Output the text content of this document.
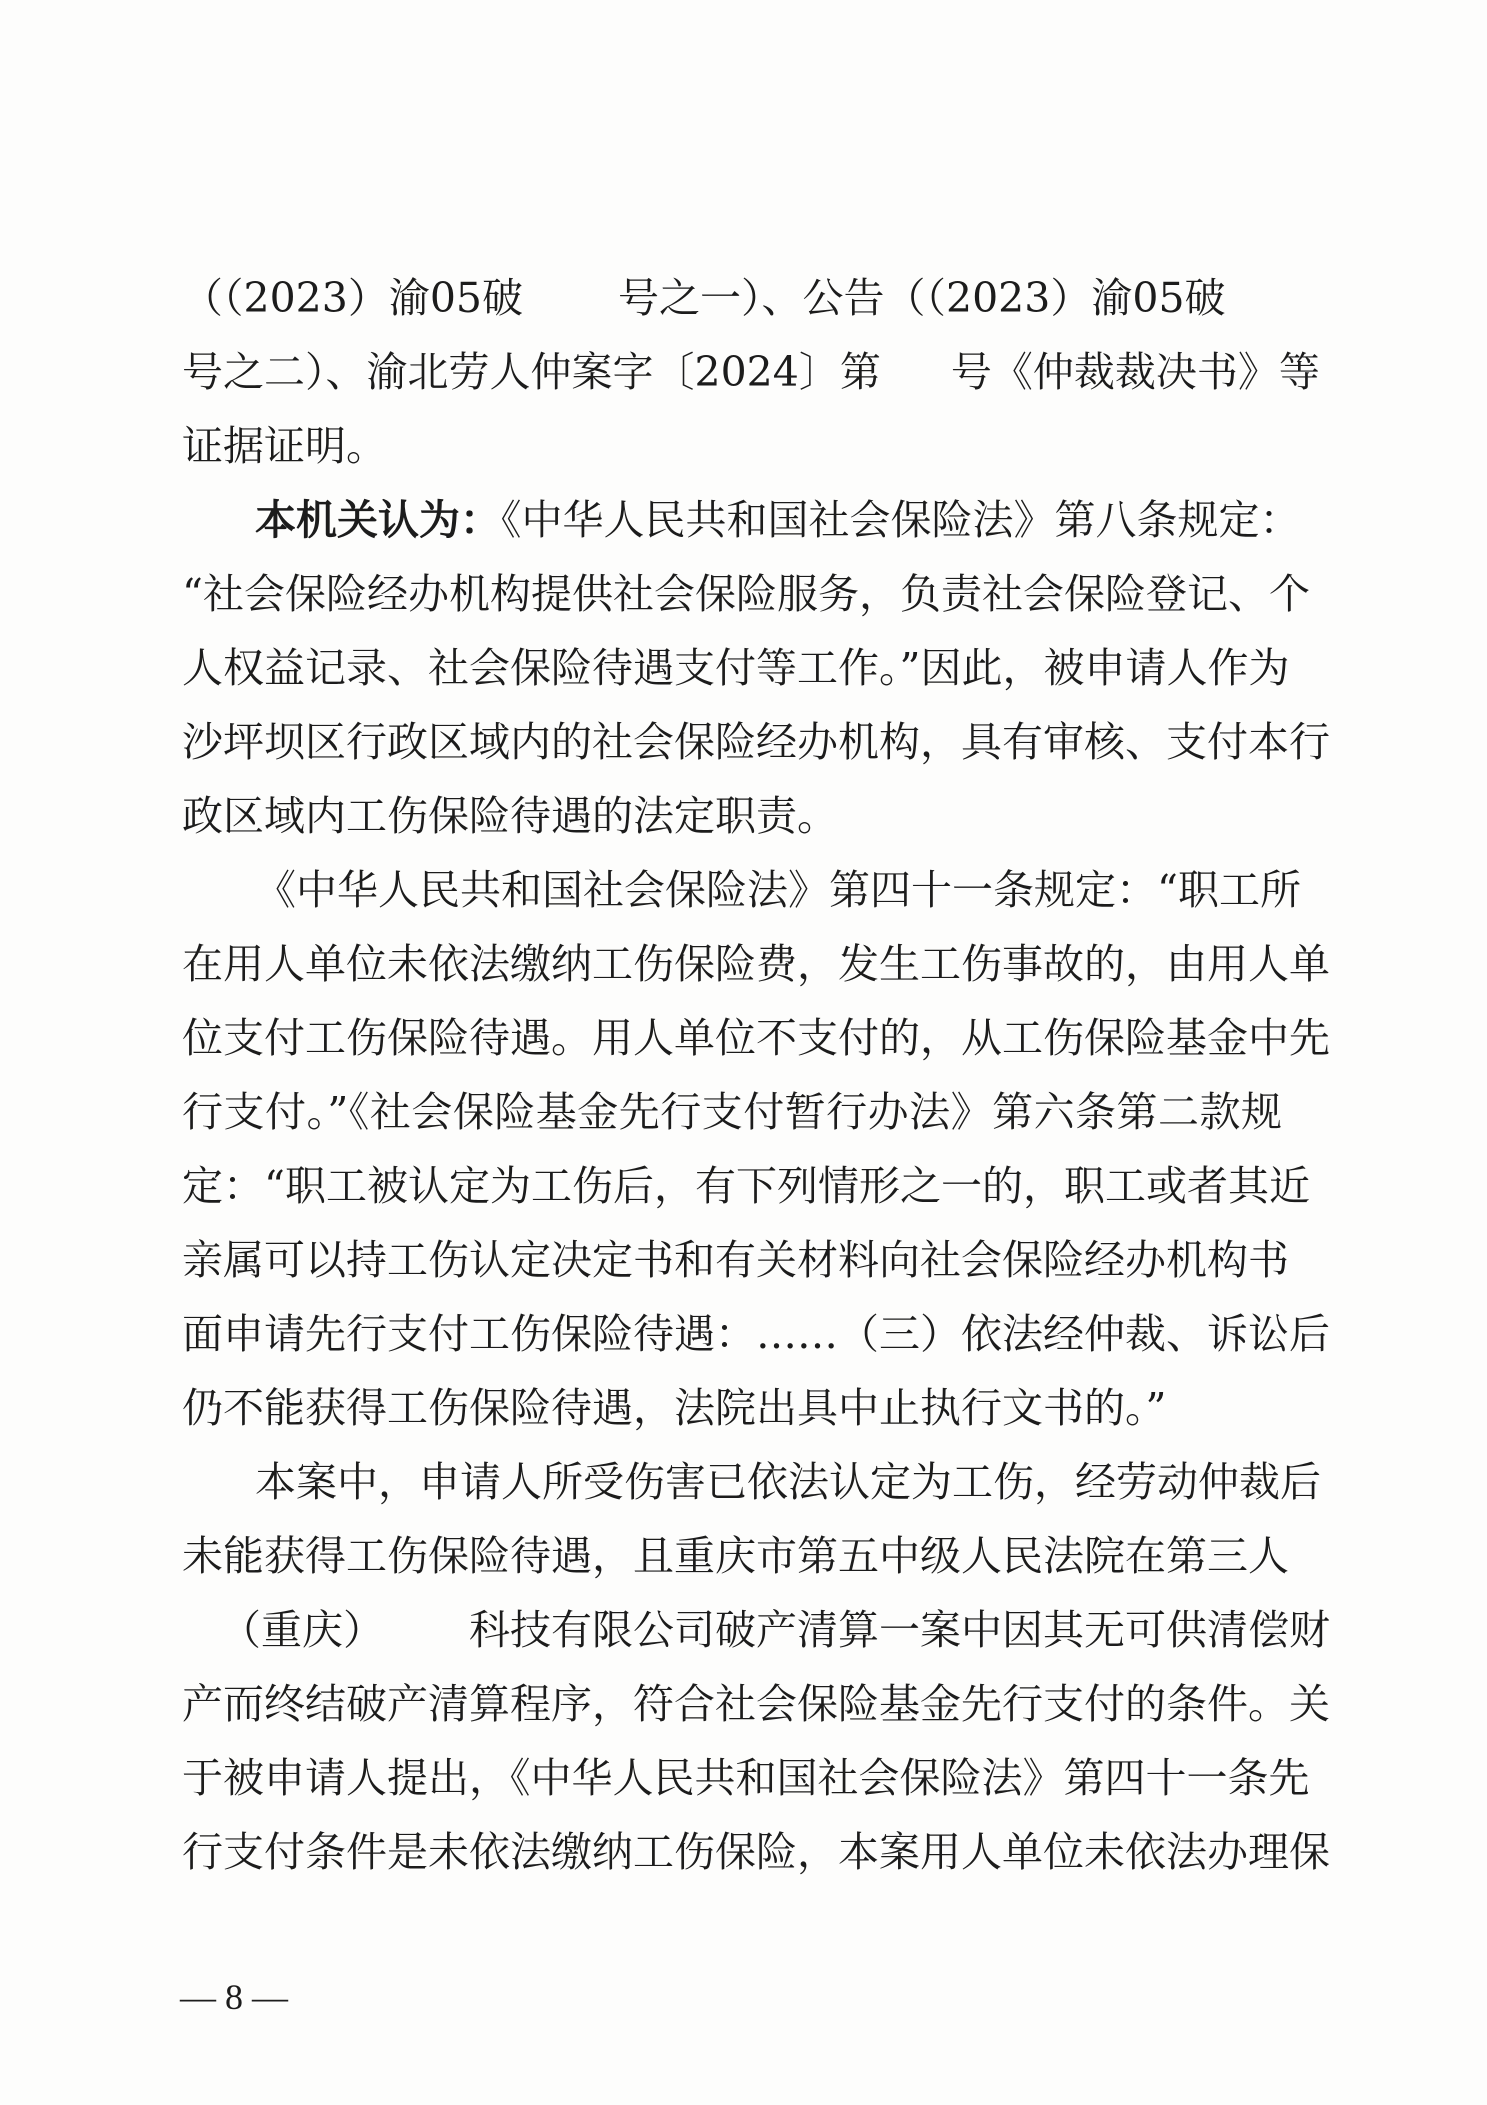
（（2023）渝05破 号之一）、公告（（2023）渝05破
号之二）、渝北劳人仲案字〔2024〕第 号《仲裁裁决书》等
证据证明。
本机关认为：《中华人民共和国社会保险法》第八条规定：
“社会保险经办机构提供社会保险服务，负责社会保险登记、个
人权益记录、社会保险待遇支付等工作。”因此，被申请人作为
沙坪坝区行政区域内的社会保险经办机构，具有审核、支付本行
政区域内工伤保险待遇的法定职责。
《中华人民共和国社会保险法》第四十一条规定：“职工所
在用人单位未依法缴纳工伤保险费，发生工伤事故的，由用人单
位支付工伤保险待遇。用人单位不支付的，从工伤保险基金中先
行支付。”《社会保险基金先行支付暂行办法》第六条第二款规
定：“职工被认定为工伤后，有下列情形之一的，职工或者其近
亲属可以持工伤认定决定书和有关材料向社会保险经办机构书
面申请先行支付工伤保险待遇：……（三）依法经仲裁、诉讼后
仍不能获得工伤保险待遇，法院出具中止执行文书的。”
本案中，申请人所受伤害已依法认定为工伤，经劳动仲裁后
未能获得工伤保险待遇，且重庆市第五中级人民法院在第三人
（重庆） 科技有限公司破产清算一案中因其无可供清偿财
产而终结破产清算程序，符合社会保险基金先行支付的条件。关
于被申请人提出，《中华人民共和国社会保险法》第四十一条先
行支付条件是未依法缴纳工伤保险，本案用人单位未依法办理保
— 8 —
